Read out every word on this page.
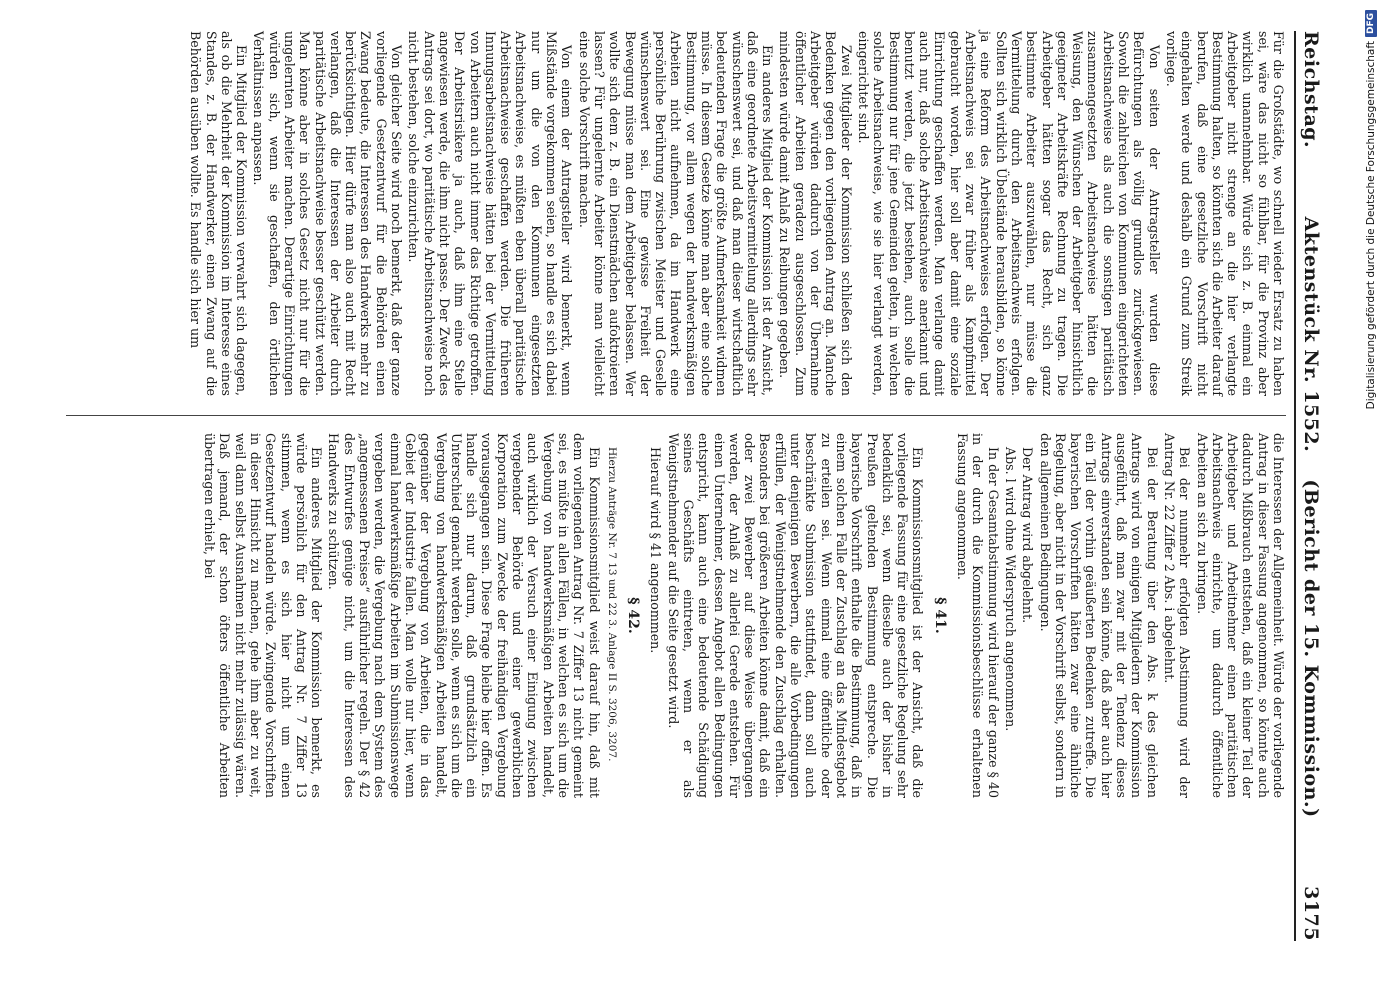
Reichstag.
Aktenstück Nr. 1552. (Bericht der 15. Kommission.)
3175

Für die Großstädte, wo schnell wieder Ersatz zu haben sei, wäre das nicht so fühlbar, für die Provinz aber wirklich unannehmbar. Würde sich z. B. einmal ein Arbeitgeber nicht strenge an die hier verlangte Bestimmung halten, so könnten sich die Arbeiter darauf berufen, daß eine gesetzliche Vorschrift nicht eingehalten werde und deshalb ein Grund zum Streik vorliege.

Von seiten der Antragsteller wurden diese Befürchtungen als völlig grundlos zurückgewiesen. Sowohl die zahlreichen von Kommunen eingerichteten Arbeitsnachweise als auch die sonstigen paritätisch zusammengesetzten Arbeitsnachweise hätten die Weisung, den Wünschen der Arbeitgeber hinsichtlich geeigneter Arbeitskräfte Rechnung zu tragen. Die Arbeitgeber hätten sogar das Recht, sich ganz bestimmte Arbeiter auszuwählen, nur müsse die Vermittelung durch den Arbeitsnachweis erfolgen. Sollten sich wirklich Übelstände herausbilden, so könne ja eine Reform des Arbeitsnachweises erfolgen. Der Arbeitsnachweis sei zwar früher als Kampfmittel gebraucht worden, hier soll aber damit eine soziale Einrichtung geschaffen werden. Man verlange damit auch nur, daß solche Arbeitsnachweise anerkannt und benutzt werden, die jetzt bestehen, auch solle die Bestimmung nur für jene Gemeinden gelten, in welchen solche Arbeitsnachweise, wie sie hier verlangt werden, eingerichtet sind.

Zwei Mitglieder der Kommission schließen sich den Bedenken gegen den vorliegenden Antrag an. Manche Arbeitgeber würden dadurch von der Übernahme öffentlicher Arbeiten geradezu ausgeschlossen. Zum mindesten würde damit Anlaß zu Reibungen gegeben.

Ein anderes Mitglied der Kommission ist der Ansicht, daß eine geordnete Arbeitsvermittelung allerdings sehr wünschenswert sei, und daß man dieser wirtschaftlich bedeutenden Frage die größte Aufmerksamkeit widmen müsse. In diesem Gesetze könne man aber eine solche Bestimmung, vor allem wegen der handwerksmäßigen Arbeiten nicht aufnehmen, da im Handwerk eine persönliche Berührung zwischen Meister und Geselle wünschenswert sei. Eine gewisse Freiheit der Bewegung müsse man dem Arbeitgeber belassen. Wer wollte sich dem z. B. ein Dienstmädchen aufoktroieren lassen? Für ungelernte Arbeiter könne man vielleicht eine solche Vorschrift machen.

Von einem der Antragsteller wird bemerkt, wenn Mißstände vorgekommen seien, so handle es sich dabei nur um die von den Kommunen eingesetzten Arbeitsnachweise, es müßten eben überall paritätische Arbeitsnachweise geschaffen werden. Die früheren Innungsarbeitsnachweise hätten bei der Vermittelung von Arbeitern auch nicht immer das Richtige getroffen. Der Arbeitsrisikere ja auch, daß ihm eine Stelle angewiesen werde, die ihm nicht passe. Der Zweck des Antrags sei dort, wo paritätische Arbeitsnachweise noch nicht bestehen, solche einzurichten.

Von gleicher Seite wird noch bemerkt, daß der ganze vorliegende Gesetzentwurf für die Behörden einen Zwang bedeute, die Interessen des Handwerks mehr zu berücksichtigen. Hier dürfe man also auch mit Recht verlangen, daß die Interessen der Arbeiter durch paritätische Arbeitsnachweise besser geschützt werden. Man könne aber in solches Gesetz nicht nur für die ungelernten Arbeiter machen. Derartige Einrichtungen würden sich, wenn sie geschaffen, den örtlichen Verhältnissen anpassen.

Ein Mitglied der Kommission verwahrt sich dagegen, als ob die Mehrheit der Kommission im Interesse eines Standes, z. B. der Handwerker, einen Zwang auf die Behörden ausüben wollte. Es handle sich hier um

die Interessen der Allgemeinheit. Würde der vorliegende Antrag in dieser Fassung angenommen, so könnte auch dadurch Mißbrauch entstehen, daß ein kleiner Teil der Arbeitgeber und Arbeitnehmer einen paritätischen Arbeitsnachweis einrichte, um dadurch öffentliche Arbeiten an sich zu bringen.

Bei der nunmehr erfolgten Abstimmung wird der Antrag Nr. 22 Ziffer 2 Abs. i abgelehnt.

Bei der Beratung über den Abs. k des gleichen Antrags wird von einigen Mitgliedern der Kommission ausgeführt, daß man zwar mit der Tendenz dieses Antrags einverstanden sein könne, daß aber auch hier ein Teil der vorhin geäußerten Bedenken zutreffe. Die bayerischen Vorschriften hätten zwar eine ähnliche Regelung, aber nicht in der Vorschrift selbst, sondern in den allgemeinen Bedingungen.

Der Antrag wird abgelehnt.

Abs. l wird ohne Widerspruch angenommen.

In der Gesamtabstimmung wird hierauf der ganze § 40 in der durch die Kommissionsbeschlüsse erhaltenen Fassung angenommen.

§ 41.

Ein Kommissionsmitglied ist der Ansicht, daß die vorliegende Fassung für eine gesetzliche Regelung sehr bedenklich sei, wenn dieselbe auch der bisher in Preußen geltenden Bestimmung entspreche. Die bayerische Vorschrift enthalte die Bestimmung, daß in einem solchen Falle der Zuschlag an das Mindestgebot zu erteilen sei. Wenn einmal eine öffentliche oder beschränkte Submission stattfindet, dann soll auch unter denjenigen Bewerbern, die alle Vorbedingungen erfüllen, der Wenigstnehmende den Zuschlag erhalten. Besonders bei größeren Arbeiten könne damit, daß ein oder zwei Bewerber auf diese Weise übergangen werden, der Anlaß zu allerlei Gerede entstehen. Für einen Unternehmer, dessen Angebot allen Bedingungen entspricht, kann auch eine bedeutende Schädigung seines Geschäfts eintreten, wenn er als Wenigstnehmender auf die Seite gesetzt wird.

Hierauf wird § 41 angenommen.

§ 42.

Hierzu Anträge Nr. 7 13 und 22 3. Anlage II S. 3206, 3207.

Ein Kommissionsmitglied weist darauf hin, daß mit dem vorliegenden Antrag Nr. 7 Ziffer 13 nicht gemeint sei, es müßte in allen Fällen, in welchen es sich um die Vergebung von handwerksmäßigen Arbeiten handelt, auch wirklich der Versuch einer Einigung zwischen vergebender Behörde und einer gewerblichen Korporation zum Zwecke der freihändigen Vergebung vorausgegangen sein. Diese Frage bleibe hier offen. Es handle sich nur darum, daß grundsätzlich ein Unterschied gemacht werden solle, wenn es sich um die Vergebung von handwerksmäßigen Arbeiten handelt, gegenüber der Vergebung von Arbeiten, die in das Gebiet der Industrie fallen. Man wolle nur hier, wenn einmal handwerksmäßige Arbeiten im Submissionswege vergeben werden, die Vergebung nach dem System des „angemessenen Preises“ ausführlicher regeln. Der § 42 des Entwurfes genüge nicht, um die Interessen des Handwerks zu schützen.

Ein anderes Mitglied der Kommission bemerkt, es würde persönlich für den Antrag Nr. 7 Ziffer 13 stimmen, wenn es sich hier nicht um einen Gesetzentwurf handeln würde. Zwingende Vorschriften in dieser Hinsicht zu machen, gehe ihm aber zu weit, weil dann selbst Ausnahmen nicht mehr zulässig wären. Daß jemand, der schon öfters öffentliche Arbeiten übertragen erhielt, bei

DFG
Digitalisierung gefördert durch die Deutsche Forschungsgemeinschaft
